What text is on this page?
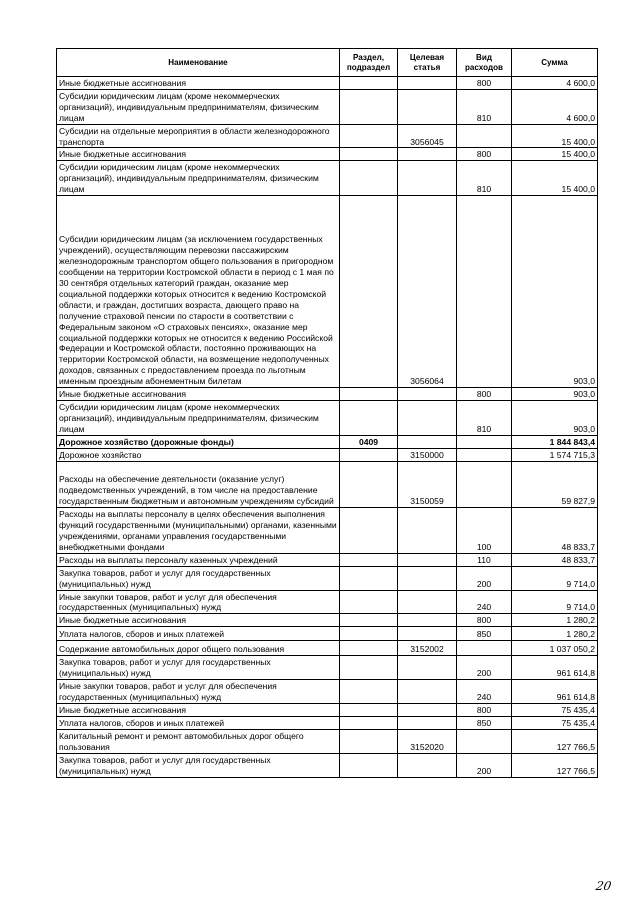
Наименование	Раздел, подраздел	Целевая статья	Вид расходов	Сумма
Иные бюджетные ассигнования			800	4 600,0
Субсидии юридическим лицам (кроме некоммерческих организаций), индивидуальным предпринимателям, физическим лицам			810	4 600,0
Субсидии на отдельные мероприятия в области железнодорожного транспорта		3056045		15 400,0
Иные бюджетные ассигнования			800	15 400,0
Субсидии юридическим лицам (кроме некоммерческих организаций), индивидуальным предпринимателям, физическим лицам			810	15 400,0
Субсидии юридическим лицам (за исключением государственных учреждений), осуществляющим перевозки пассажирским железнодорожным транспортом общего пользования в пригородном сообщении на территории Костромской области в период с 1 мая по 30 сентября отдельных категорий граждан, оказание мер социальной поддержки которых относится к ведению Костромской области, и граждан, достигших возраста, дающего право на получение страховой пенсии по старости в соответствии с Федеральным законом «О страховых пенсиях», оказание мер социальной поддержки которых не относится к ведению Российской Федерации и Костромской области, постоянно проживающих на территории Костромской области, на возмещение недополученных доходов, связанных с предоставлением проезда по льготным именным проездным абонементным билетам		3056064		903,0
Иные бюджетные ассигнования			800	903,0
Субсидии юридическим лицам (кроме некоммерческих организаций), индивидуальным предпринимателям, физическим лицам			810	903,0
Дорожное хозяйство (дорожные фонды)	0409			1 844 843,4
Дорожное хозяйство		3150000		1 574 715,3
Расходы на обеспечение деятельности (оказание услуг) подведомственных учреждений, в том числе на предоставление государственным бюджетным и автономным учреждениям субсидий		3150059		59 827,9
Расходы на выплаты персоналу в целях обеспечения выполнения функций государственными (муниципальными) органами, казенными учреждениями, органами управления государственными внебюджетными фондами			100	48 833,7
Расходы на выплаты персоналу казенных учреждений			110	48 833,7
Закупка товаров, работ и услуг для государственных (муниципальных) нужд			200	9 714,0
Иные закупки товаров, работ и услуг для обеспечения государственных (муниципальных) нужд			240	9 714,0
Иные бюджетные ассигнования			800	1 280,2
Уплата налогов, сборов и иных платежей			850	1 280,2
Содержание автомобильных дорог общего пользования		3152002		1 037 050,2
Закупка товаров, работ и услуг для государственных (муниципальных) нужд			200	961 614,8
Иные закупки товаров, работ и услуг для обеспечения государственных (муниципальных) нужд			240	961 614,8
Иные бюджетные ассигнования			800	75 435,4
Уплата налогов, сборов и иных платежей			850	75 435,4
Капитальный ремонт и ремонт автомобильных дорог общего пользования		3152020		127 766,5
Закупка товаров, работ и услуг для государственных (муниципальных) нужд			200	127 766,5
20
